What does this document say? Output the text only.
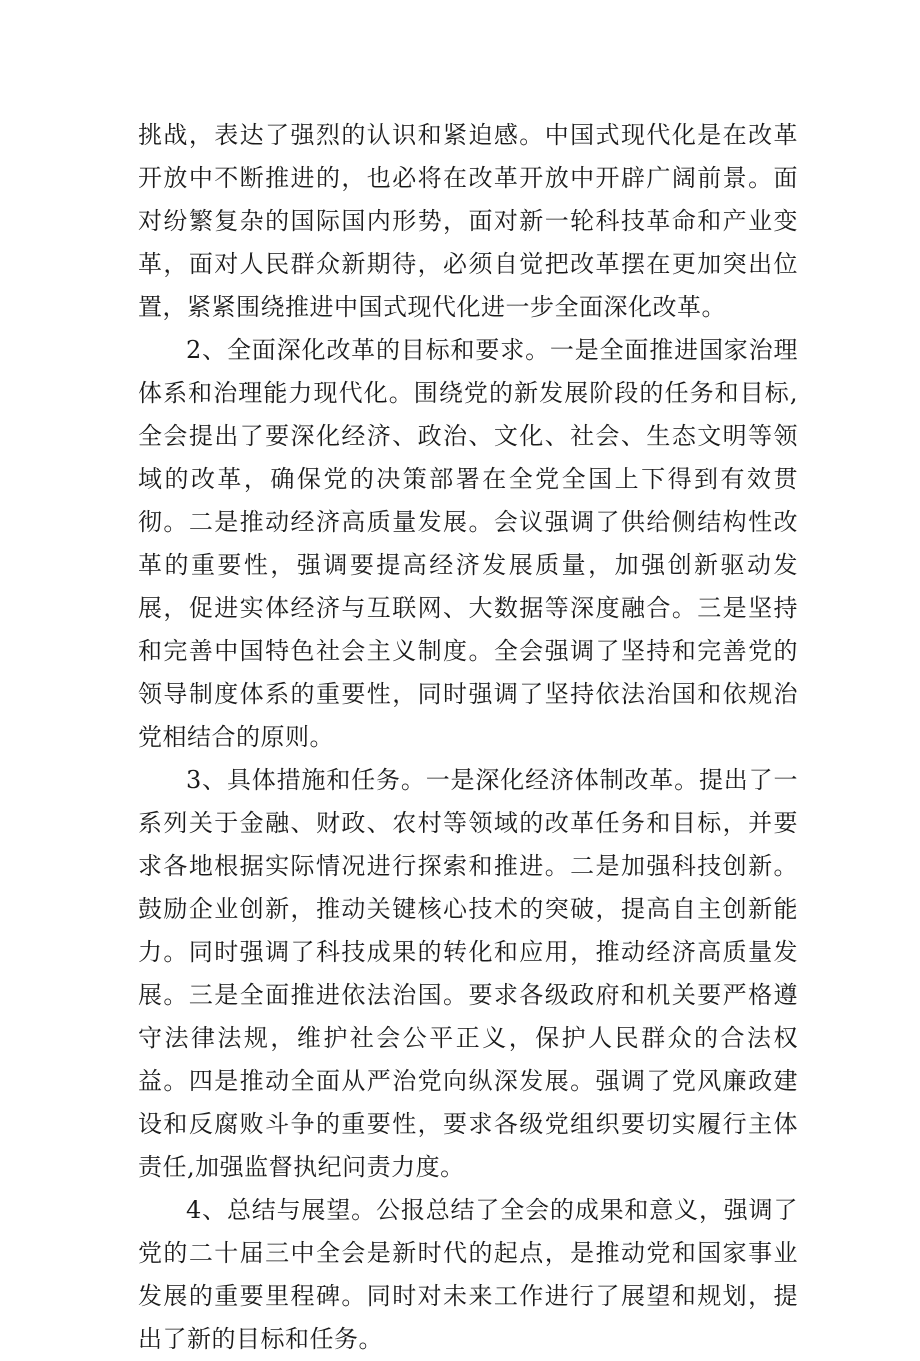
挑战，表达了强烈的认识和紧迫感。中国式现代化是在改革开放中不断推进的，也必将在改革开放中开辟广阔前景。面对纷繁复杂的国际国内形势，面对新一轮科技革命和产业变革，面对人民群众新期待，必须自觉把改革摆在更加突出位置，紧紧围绕推进中国式现代化进一步全面深化改革。

2、全面深化改革的目标和要求。一是全面推进国家治理体系和治理能力现代化。围绕党的新发展阶段的任务和目标,全会提出了要深化经济、政治、文化、社会、生态文明等领域的改革，确保党的决策部署在全党全国上下得到有效贯彻。二是推动经济高质量发展。会议强调了供给侧结构性改革的重要性，强调要提高经济发展质量，加强创新驱动发展，促进实体经济与互联网、大数据等深度融合。三是坚持和完善中国特色社会主义制度。全会强调了坚持和完善党的领导制度体系的重要性，同时强调了坚持依法治国和依规治党相结合的原则。

3、具体措施和任务。一是深化经济体制改革。提出了一系列关于金融、财政、农村等领域的改革任务和目标，并要求各地根据实际情况进行探索和推进。二是加强科技创新。鼓励企业创新，推动关键核心技术的突破，提高自主创新能力。同时强调了科技成果的转化和应用，推动经济高质量发展。三是全面推进依法治国。要求各级政府和机关要严格遵守法律法规，维护社会公平正义，保护人民群众的合法权益。四是推动全面从严治党向纵深发展。强调了党风廉政建设和反腐败斗争的重要性，要求各级党组织要切实履行主体责任,加强监督执纪问责力度。

4、总结与展望。公报总结了全会的成果和意义，强调了党的二十届三中全会是新时代的起点，是推动党和国家事业发展的重要里程碑。同时对未来工作进行了展望和规划，提出了新的目标和任务。
